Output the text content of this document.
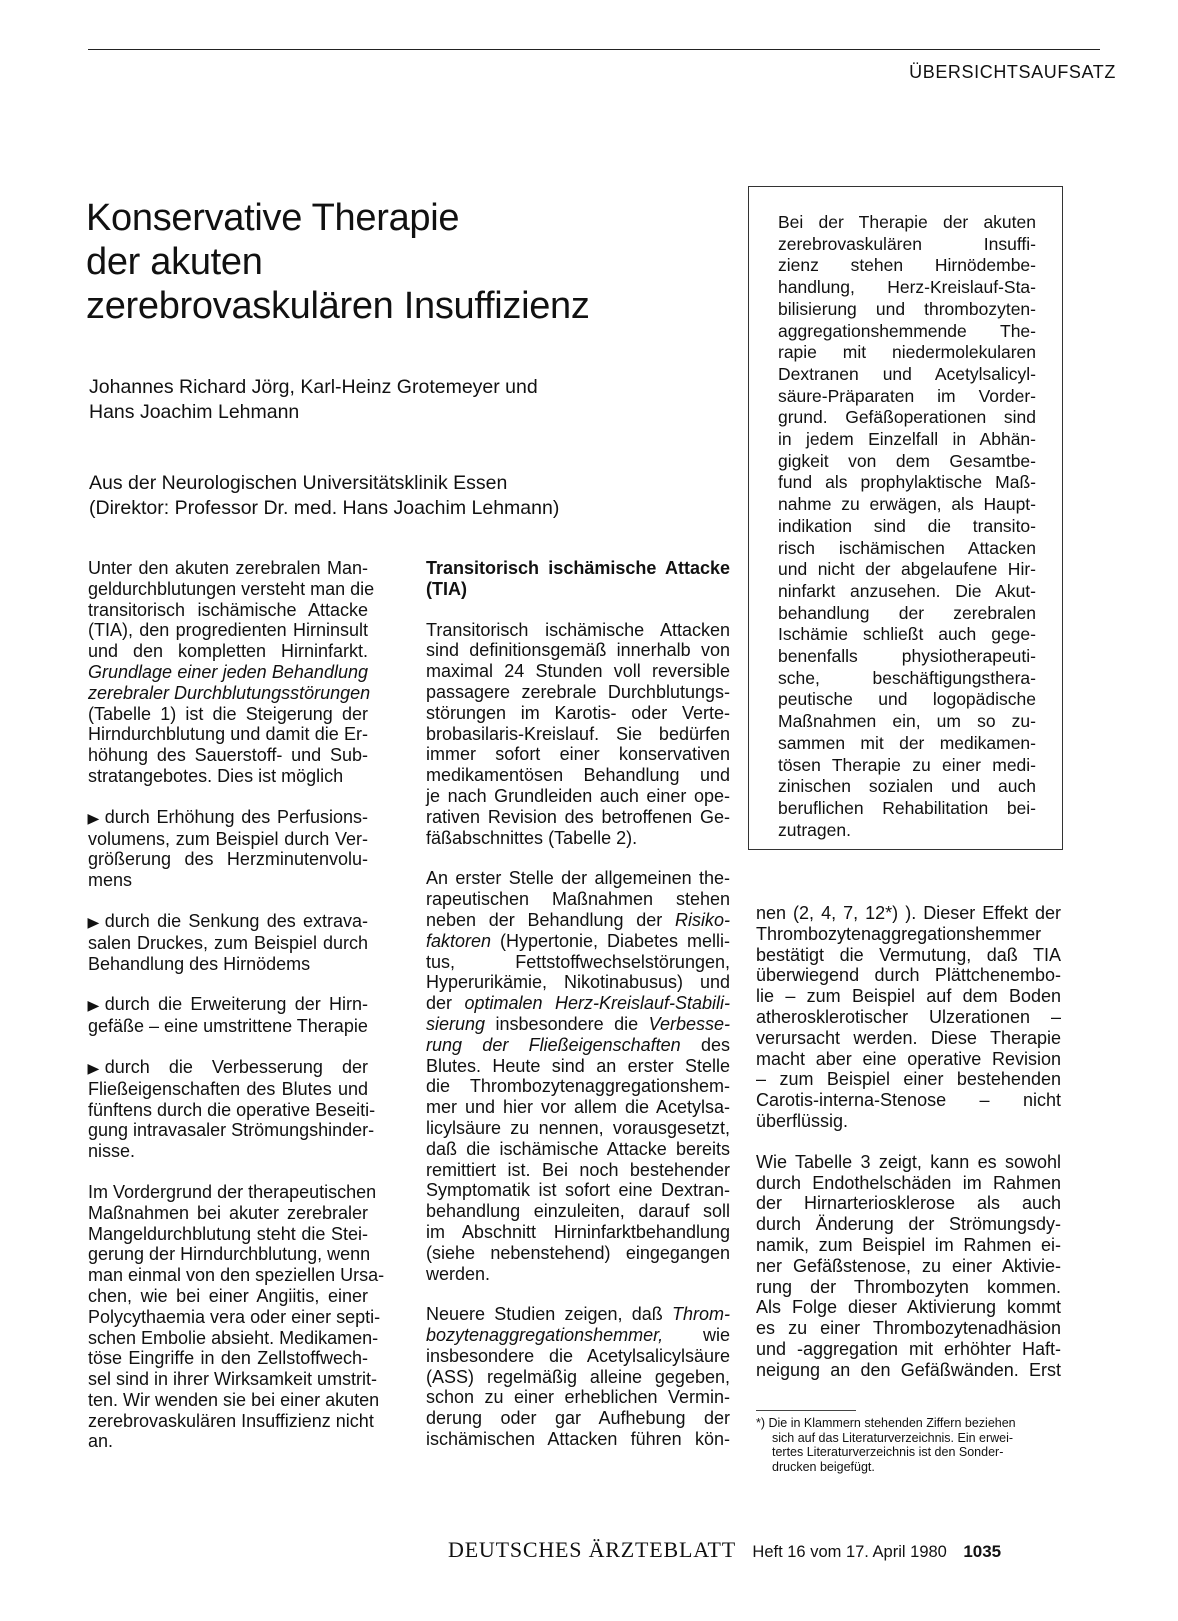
ÜBERSICHTSAUFSATZ
Konservative Therapie
der akuten
zerebrovaskulären Insuffizienz
Johannes Richard Jörg, Karl-Heinz Grotemeyer und
Hans Joachim Lehmann
Aus der Neurologischen Universitätsklinik Essen
(Direktor: Professor Dr. med. Hans Joachim Lehmann)
Bei der Therapie der akuten
zerebrovaskulären Insuffi-
zienz stehen Hirnödembe-
handlung, Herz-Kreislauf-Sta-
bilisierung und thrombozyten-
aggregationshemmende The-
rapie mit niedermolekularen
Dextranen und Acetylsalicyl-
säure-Präparaten im Vorder-
grund. Gefäßoperationen sind
in jedem Einzelfall in Abhän-
gigkeit von dem Gesamtbe-
fund als prophylaktische Maß-
nahme zu erwägen, als Haupt-
indikation sind die transito-
risch ischämischen Attacken
und nicht der abgelaufene Hir-
ninfarkt anzusehen. Die Akut-
behandlung der zerebralen
Ischämie schließt auch gege-
benenfalls physiotherapeuti-
sche, beschäftigungsthera-
peutische und logopädische
Maßnahmen ein, um so zu-
sammen mit der medikamen-
tösen Therapie zu einer medi-
zinischen sozialen und auch
beruflichen Rehabilitation bei-
zutragen.

Unter den akuten zerebralen Man-
geldurchblutungen versteht man die
transitorisch ischämische Attacke
(TIA), den progredienten Hirninsult
und den kompletten Hirninfarkt.
Grundlage einer jeden Behandlung
zerebraler Durchblutungsstörungen
(Tabelle 1) ist die Steigerung der
Hirndurchblutung und damit die Er-
höhung des Sauerstoff- und Sub-
stratangebotes. Dies ist möglich

▶ durch Erhöhung des Perfusions-
volumens, zum Beispiel durch Ver-
größerung des Herzminutenvolu-
mens

▶ durch die Senkung des extrava-
salen Druckes, zum Beispiel durch
Behandlung des Hirnödems

▶ durch die Erweiterung der Hirn-
gefäße – eine umstrittene Therapie

▶ durch die Verbesserung der
Fließeigenschaften des Blutes und
fünftens durch die operative Beseiti-
gung intravasaler Strömungshinder-
nisse.

Im Vordergrund der therapeutischen
Maßnahmen bei akuter zerebraler
Mangeldurchblutung steht die Stei-
gerung der Hirndurchblutung, wenn
man einmal von den speziellen Ursa-
chen, wie bei einer Angiitis, einer
Polycythaemia vera oder einer septi-
schen Embolie absieht. Medikamen-
töse Eingriffe in den Zellstoffwech-
sel sind in ihrer Wirksamkeit umstrit-
ten. Wir wenden sie bei einer akuten
zerebrovaskulären Insuffizienz nicht
an.

Transitorisch ischämische Attacke
(TIA)

Transitorisch ischämische Attacken
sind definitionsgemäß innerhalb von
maximal 24 Stunden voll reversible
passagere zerebrale Durchblutungs-
störungen im Karotis- oder Verte-
brobasilaris-Kreislauf. Sie bedürfen
immer sofort einer konservativen
medikamentösen Behandlung und
je nach Grundleiden auch einer ope-
rativen Revision des betroffenen Ge-
fäßabschnittes (Tabelle 2).

An erster Stelle der allgemeinen the-
rapeutischen Maßnahmen stehen
neben der Behandlung der Risiko-
faktoren (Hypertonie, Diabetes melli-
tus, Fettstoffwechselstörungen,
Hyperurikämie, Nikotinabusus) und
der optimalen Herz-Kreislauf-Stabili-
sierung insbesondere die Verbesse-
rung der Fließeigenschaften des
Blutes. Heute sind an erster Stelle
die Thrombozytenaggregationshem-
mer und hier vor allem die Acetylsa-
licylsäure zu nennen, vorausgesetzt,
daß die ischämische Attacke bereits
remittiert ist. Bei noch bestehender
Symptomatik ist sofort eine Dextran-
behandlung einzuleiten, darauf soll
im Abschnitt Hirninfarktbehandlung
(siehe nebenstehend) eingegangen
werden.

Neuere Studien zeigen, daß Throm-
bozytenaggregationshemmer, wie
insbesondere die Acetylsalicylsäure
(ASS) regelmäßig alleine gegeben,
schon zu einer erheblichen Vermin-
derung oder gar Aufhebung der
ischämischen Attacken führen kön-

nen (2, 4, 7, 12*) ). Dieser Effekt der
Thrombozytenaggregationshemmer
bestätigt die Vermutung, daß TIA
überwiegend durch Plättchenembo-
lie – zum Beispiel auf dem Boden
atherosklerotischer Ulzerationen –
verursacht werden. Diese Therapie
macht aber eine operative Revision
– zum Beispiel einer bestehenden
Carotis-interna-Stenose – nicht
überflüssig.

Wie Tabelle 3 zeigt, kann es sowohl
durch Endothelschäden im Rahmen
der Hirnarteriosklerose als auch
durch Änderung der Strömungsdy-
namik, zum Beispiel im Rahmen ei-
ner Gefäßstenose, zu einer Aktivie-
rung der Thrombozyten kommen.
Als Folge dieser Aktivierung kommt
es zu einer Thrombozytenadhäsion
und -aggregation mit erhöhter Haft-
neigung an den Gefäßwänden. Erst

*) Die in Klammern stehenden Ziffern beziehen
sich auf das Literaturverzeichnis. Ein erwei-
tertes Literaturverzeichnis ist den Sonder-
drucken beigefügt.
DEUTSCHES ÄRZTEBLATT Heft 16 vom 17. April 1980 1035
